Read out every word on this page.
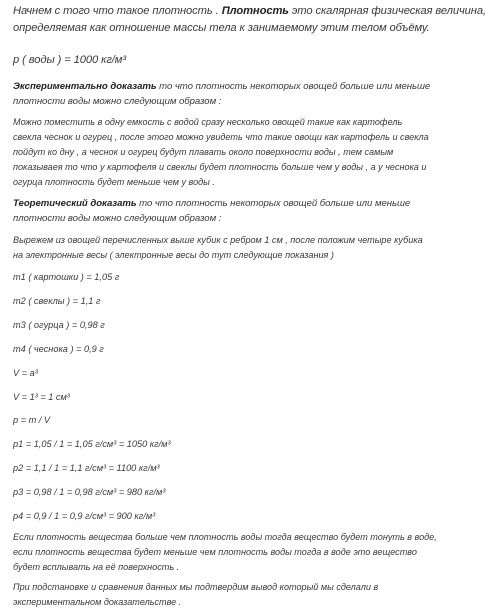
Начнем с того что такое плотность . Плотность это скалярная физическая величина,
определяемая как отношение массы тела к занимаемому этим телом объёму.
p ( воды ) = 1000 кг/м³
Экспериментально доказать то что плотность некоторых овощей больше или меньше
плотности воды можно следующим образом :
Можно поместить в одну емкость с водой сразу несколько овощей такие как картофель
свекла чеснок и огурец , после этого можно увидеть что такие овощи как картофель и свекла
пойдут ко дну , а чеснок и огурец будут плавать около поверхности воды , тем самым
показываея то что у картофеля и свеклы будет плотность больше чем у воды , а у чеснока и
огурца плотность будет меньше чем у воды .
Теоретический доказать то что плотность некоторых овощей больше или меньше
плотности воды можно следующим образом :
Вырежем из овощей перечисленных выше кубик с ребром 1 см , после положим четыре кубика
на электронные весы ( электронные весы до тут следующие показания )
m1 ( картошки ) = 1,05 г
m2 ( свеклы ) = 1,1 г
m3 ( огурца ) = 0,98 г
m4 ( чеснока ) = 0,9 г
V = a³
V = 1³ = 1 см³
p = m / V
p1 = 1,05 / 1 = 1,05 г/см³ = 1050 кг/м³
p2 = 1,1 / 1 = 1,1 г/см³ = 1100 кг/м³
p3 = 0,98 / 1 = 0,98 г/см³ = 980 кг/м³
p4 = 0,9 / 1 = 0,9 г/см³ = 900 кг/м³
Если плотность вещества больше чем плотность воды тогда вещество будет тонуть в воде,
если плотность вещества будет меньше чем плотность воды тогда в воде это вещество
будет всплывать на её поверхность .
При подстановке и сравнения данных мы подтвердим вывод который мы сделали в
экспериментальном доказательстве .
